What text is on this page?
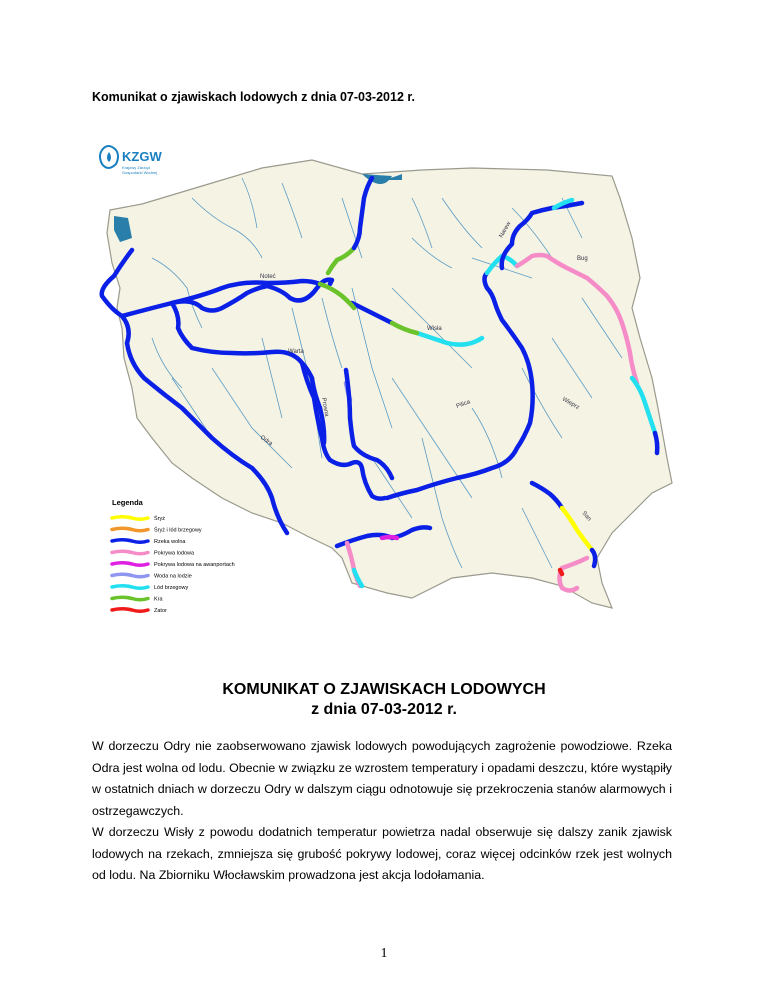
Komunikat o zjawiskach lodowych z dnia 07-03-2012 r.
KZGW
Krajowy Zarząd
Gospodarki Wodnej
Noteć
Warta
Prosna
Odra
Wisła
Narew
Bug
Pilica	Wieprz
San
Legenda
Śryż
Śryż i lód brzegowy
Rzeka wolna
Pokrywa lodowa
Pokrywa lodowa na awanportach
Woda na lodzie
Lód brzegowy
Kra
Zator
KOMUNIKAT O ZJAWISKACH LODOWYCH
z dnia 07-03-2012 r.

W dorzeczu Odry nie zaobserwowano zjawisk lodowych powodujących zagrożenie powodziowe. Rzeka Odra jest wolna od lodu. Obecnie w związku ze wzrostem temperatury i opadami deszczu, które wystąpiły w ostatnich dniach w dorzeczu Odry w dalszym ciągu odnotowuje się przekroczenia stanów alarmowych i ostrzegawczych.

W dorzeczu Wisły z powodu dodatnich temperatur powietrza nadal obserwuje się dalszy zanik zjawisk lodowych na rzekach, zmniejsza się grubość pokrywy lodowej, coraz więcej odcinków rzek jest wolnych od lodu. Na Zbiorniku Włocławskim prowadzona jest akcja lodołamania.

1
